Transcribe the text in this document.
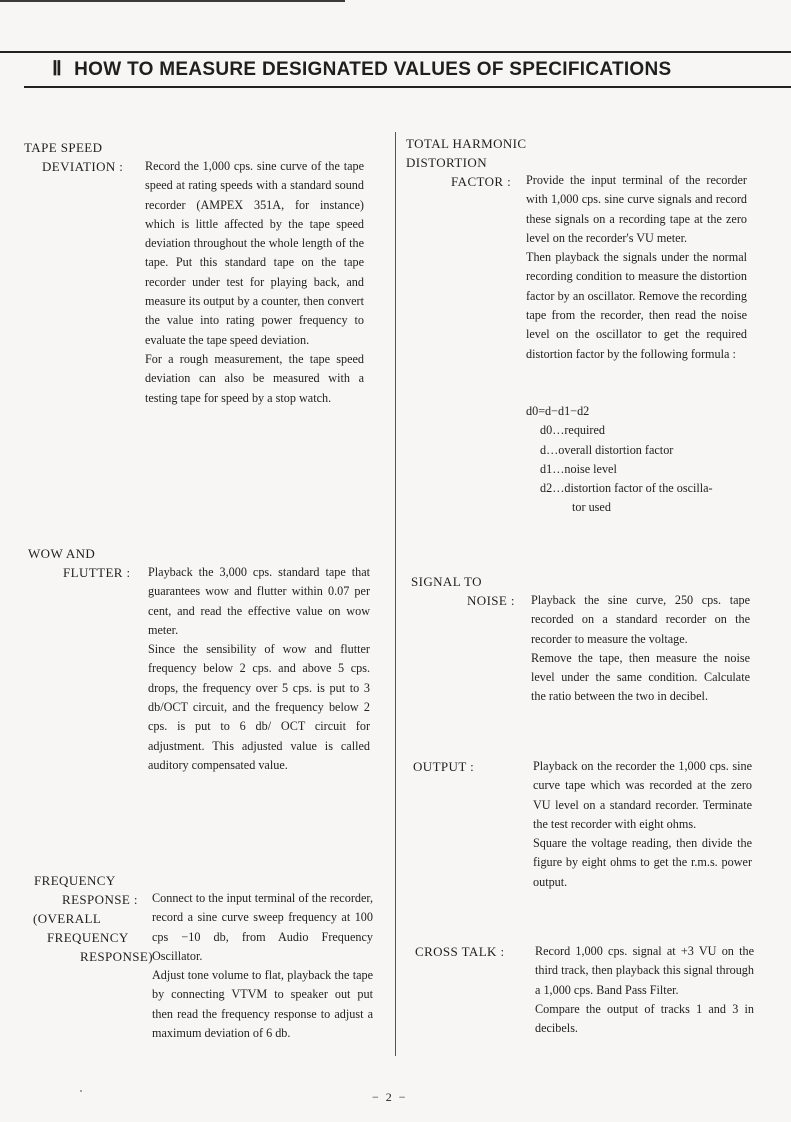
Ⅱ HOW TO MEASURE DESIGNATED VALUES OF SPECIFICATIONS
TAPE SPEED
DEVIATION : Record the 1,000 cps. sine curve of the tape speed at rating speeds with a standard sound recorder (AMPEX 351A, for instance) which is little affected by the tape speed deviation throughout the whole length of the tape. Put this standard tape on the tape recorder under test for playing back, and measure its output by a counter, then convert the value into rating power frequency to evaluate the tape speed deviation.

For a rough measurement, the tape speed deviation can also be measured with a testing tape for speed by a stop watch.

WOW AND
FLUTTER : Playback the 3,000 cps. standard tape that guarantees wow and flutter within 0.07 per cent, and read the effective value on wow meter.

Since the sensibility of wow and flutter frequency below 2 cps. and above 5 cps. drops, the frequency over 5 cps. is put to 3 db/OCT circuit, and the frequency below 2 cps. is put to 6 db/ OCT circuit for adjustment. This adjusted value is called auditory compensated value.

FREQUENCY
RESPONSE :
(OVERALL
FREQUENCY
RESPONSE)

Connect to the input terminal of the recorder, record a sine curve sweep frequency at 100 cps −10 db, from Audio Frequency Oscillator.

Adjust tone volume to flat, playback the tape by connecting VTVM to speaker out put then read the frequency response to adjust a maximum deviation of 6 db.

TOTAL HARMONIC
DISTORTION
FACTOR : Provide the input terminal of the recorder with 1,000 cps. sine curve signals and record these signals on a recording tape at the zero level on the recorder's VU meter.

Then playback the signals under the normal recording condition to measure the distortion factor by an oscillator. Remove the recording tape from the recorder, then read the noise level on the oscillator to get the required distortion factor by the following formula :

d0=d−d1−d2
d0…required
d…overall distortion factor
d1…noise level
d2…distortion factor of the oscilla-
tor used
SIGNAL TO
NOISE : Playback the sine curve, 250 cps. tape recorded on a standard recorder on the recorder to measure the voltage.

Remove the tape, then measure the noise level under the same condition. Calculate the ratio between the two in decibel.

OUTPUT :	Playback on the recorder the 1,000 cps. sine curve tape which was recorded at the zero VU level on a standard recorder. Terminate the test recorder with eight ohms.

Square the voltage reading, then divide the figure by eight ohms to get the r.m.s. power output.

CROSS TALK :	Record 1,000 cps. signal at +3 VU on the third track, then playback this signal through a 1,000 cps. Band Pass Filter.

Compare the output of tracks 1 and 3 in decibels.

− 2 −
